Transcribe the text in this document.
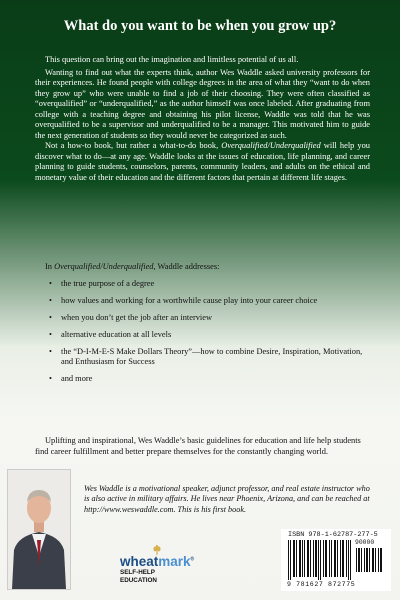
What do you want to be when you grow up?

This question can bring out the imagination and limitless potential of us all.

Wanting to find out what the experts think, author Wes Waddle asked university professors for their experiences. He found people with college degrees in the area of what they “want to do when they grow up” who were unable to find a job of their choosing. They were often classified as “overqualified” or “underqualified,” as the author himself was once labeled. After graduating from college with a teaching degree and obtaining his pilot license, Waddle was told that he was overqualified to be a supervisor and underqualified to be a manager. This motivated him to guide the next generation of students so they would never be categorized as such.

Not a how-to book, but rather a what-to-do book, Overqualified/Underqualified will help you discover what to do—at any age. Waddle looks at the issues of education, life planning, and career planning to guide students, counselors, parents, community leaders, and adults on the ethical and monetary value of their education and the different factors that pertain at different life stages.

In Overqualified/Underqualified, Waddle addresses:

• the true purpose of a degree
• how values and working for a worthwhile cause play into your career choice
• when you don’t get the job after an interview
• alternative education at all levels
• the “D-I-M-E-S Make Dollars Theory”—how to combine Desire, Inspiration, Motivation, and Enthusiasm for Success
• and more

Uplifting and inspirational, Wes Waddle’s basic guidelines for education and life help students find career fulfillment and better prepare themselves for the constantly changing world.

Wes Waddle is a motivational speaker, adjunct professor, and real estate instructor who is also active in military affairs. He lives near Phoenix, Arizona, and can be reached at http://www.weswaddle.com. This is his first book.

wheatmark®
SELF-HELP
EDUCATION
ISBN 978-1-62787-277-5
90000
9 781627 872775
